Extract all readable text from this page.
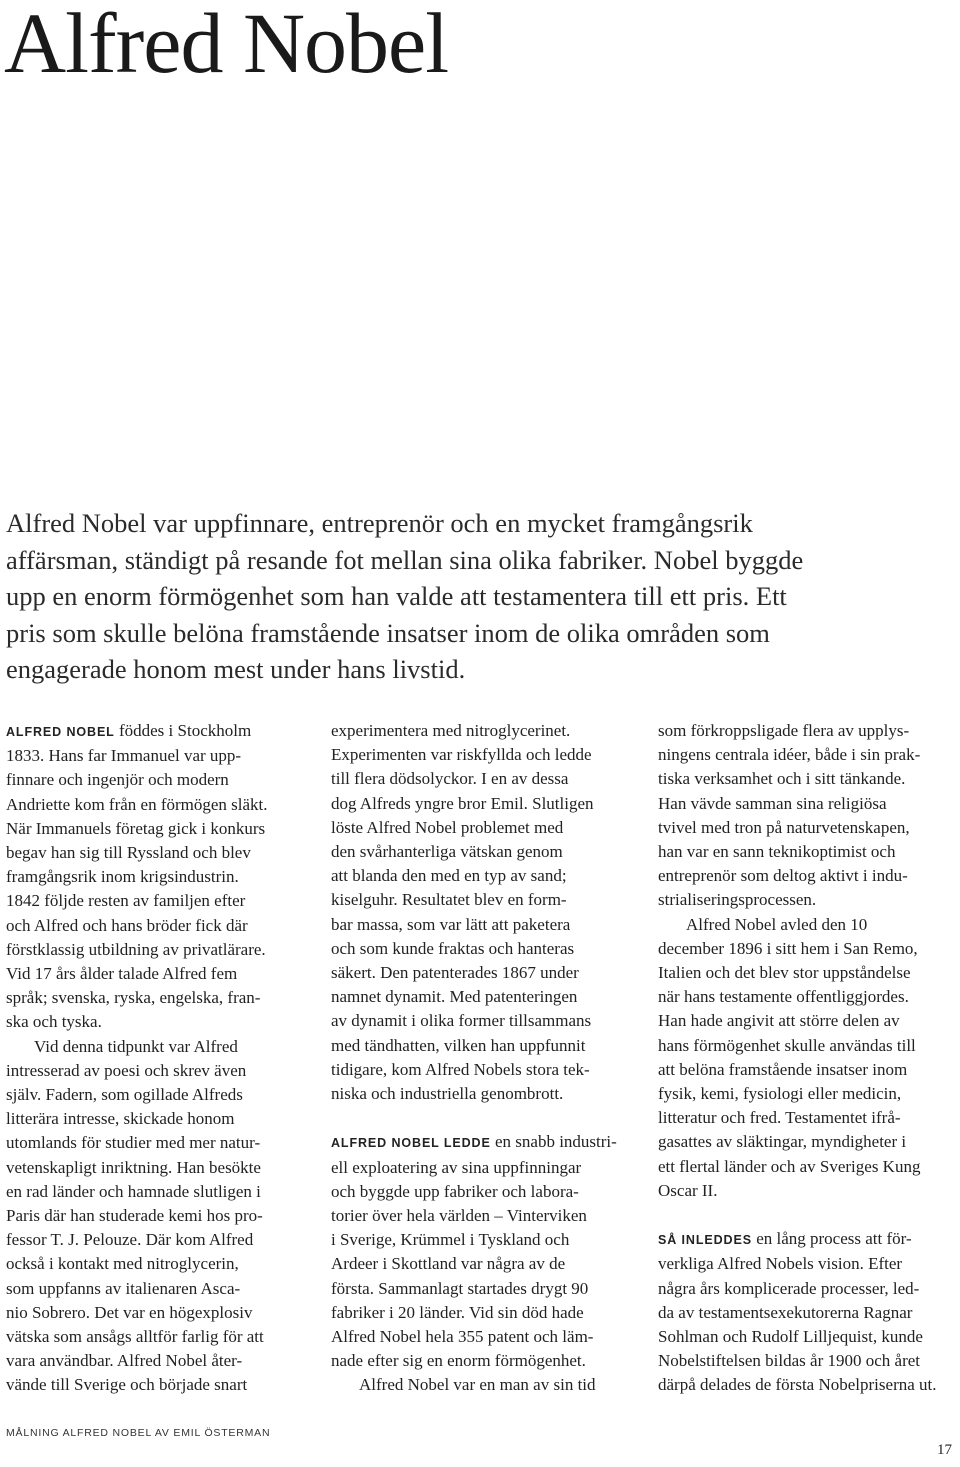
Alfred Nobel
Alfred Nobel var uppfinnare, entreprenör och en mycket framgångsrik
affärsman, ständigt på resande fot mellan sina olika fabriker. Nobel byggde
upp en enorm förmögenhet som han valde att testamentera till ett pris. Ett
pris som skulle belöna framstående insatser inom de olika områden som
engagerade honom mest under hans livstid.
ALFRED NOBEL föddes i Stockholm
1833. Hans far Immanuel var upp-
finnare och ingenjör och modern
Andriette kom från en förmögen släkt.
När Immanuels företag gick i konkurs
begav han sig till Ryssland och blev
framgångsrik inom krigsindustrin.
1842 följde resten av familjen efter
och Alfred och hans bröder fick där
förstklassig utbildning av privatlärare.
Vid 17 års ålder talade Alfred fem
språk; svenska, ryska, engelska, fran-
ska och tyska.
Vid denna tidpunkt var Alfred
intresserad av poesi och skrev även
själv. Fadern, som ogillade Alfreds
litterära intresse, skickade honom
utomlands för studier med mer natur-
vetenskapligt inriktning. Han besökte
en rad länder och hamnade slutligen i
Paris där han studerade kemi hos pro-
fessor T. J. Pelouze. Där kom Alfred
också i kontakt med nitroglycerin,
som uppfanns av italienaren Ascа-
nio Sobrero. Det var en högexplosiv
vätska som ansågs alltför farlig för att
vara användbar. Alfred Nobel åter-
vände till Sverige och började snart
experimentera med nitroglycerinet.
Experimenten var riskfyllda och ledde
till flera dödsolyckor. I en av dessa
dog Alfreds yngre bror Emil. Slutligen
löste Alfred Nobel problemet med
den svårhanterliga vätskan genom
att blanda den med en typ av sand;
kiselguhr. Resultatet blev en form-
bar massa, som var lätt att paketera
och som kunde fraktas och hanteras
säkert. Den patenterades 1867 under
namnet dynamit. Med patenteringen
av dynamit i olika former tillsammans
med tändhatten, vilken han uppfunnit
tidigare, kom Alfred Nobels stora tek-
niska och industriella genombrott.
ALFRED NOBEL LEDDE en snabb industri-
ell exploatering av sina uppfinningar
och byggde upp fabriker och labora-
torier över hela världen – Vinterviken
i Sverige, Krümmel i Tyskland och
Ardeer i Skottland var några av de
första. Sammanlagt startades drygt 90
fabriker i 20 länder. Vid sin död hade
Alfred Nobel hela 355 patent och läm-
nade efter sig en enorm förmögenhet.
Alfred Nobel var en man av sin tid
som förkroppsligade flera av upplys-
ningens centrala idéer, både i sin prak-
tiska verksamhet och i sitt tänkande.
Han vävde samman sina religiösa
tvivel med tron på naturvetenskapen,
han var en sann teknikoptimist och
entreprenör som deltog aktivt i indu-
strialiseringsprocessen.
Alfred Nobel avled den 10
december 1896 i sitt hem i San Remo,
Italien och det blev stor uppståndelse
när hans testamente offentliggjordes.
Han hade angivit att större delen av
hans förmögenhet skulle användas till
att belöna framstående insatser inom
fysik, kemi, fysiologi eller medicin,
litteratur och fred. Testamentet ifrå-
gasattes av släktingar, myndigheter i
ett flertal länder och av Sveriges Kung
Oscar II.
SÅ INLEDDES en lång process att för-
verkliga Alfred Nobels vision. Efter
några års komplicerade processer, led-
da av testamentsexekutorerna Ragnar
Sohlman och Rudolf Lilljequist, kunde
Nobelstiftelsen bildas år 1900 och året
därpå delades de första Nobelpriserna ut.

MÅLNING ALFRED NOBEL AV EMIL ÖSTERMAN

17
